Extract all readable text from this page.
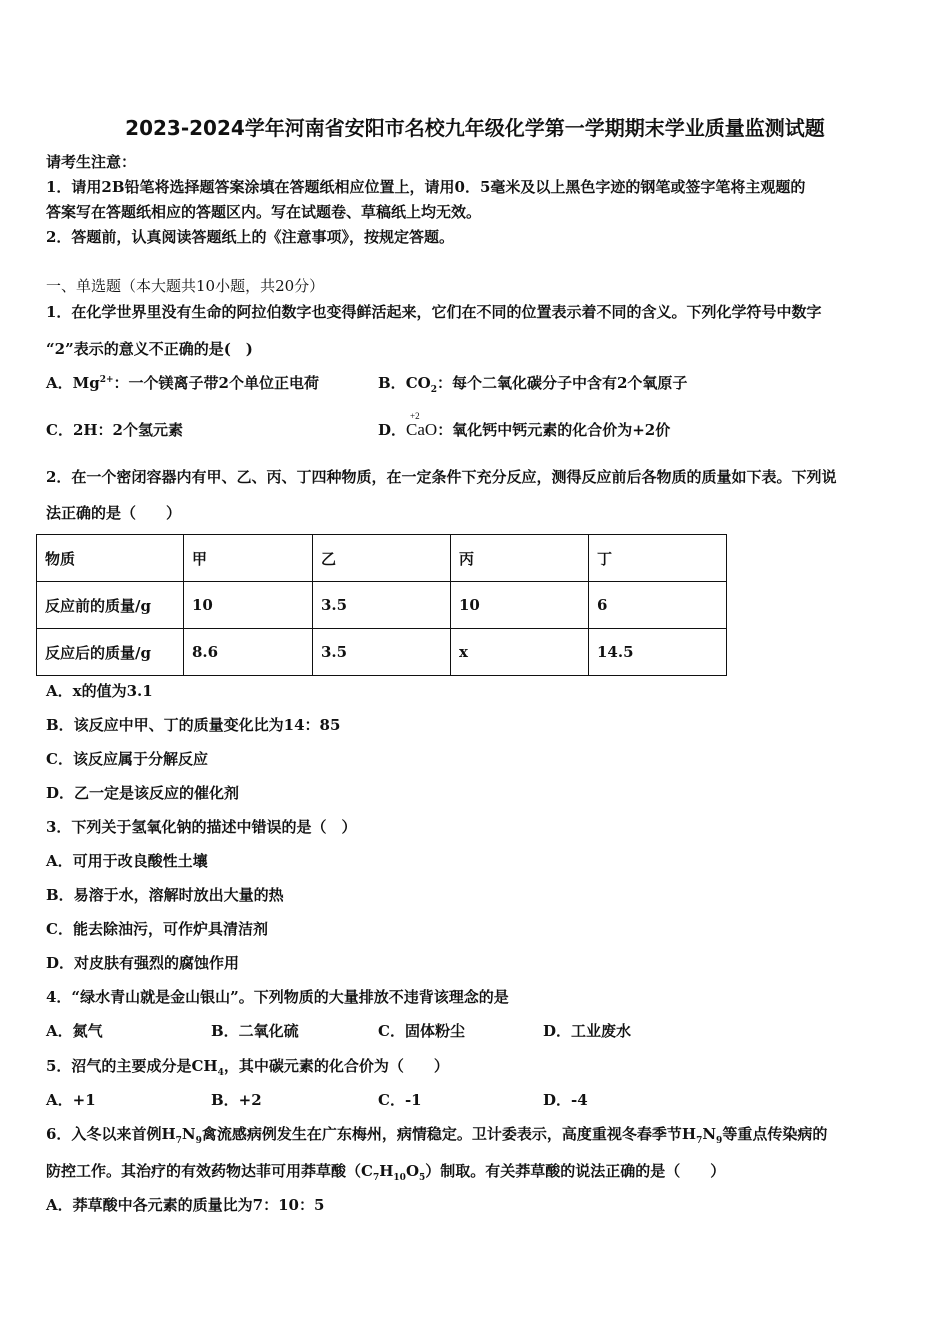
2023-2024学年河南省安阳市名校九年级化学第一学期期末学业质量监测试题
请考生注意：
1．请用2B铅笔将选择题答案涂填在答题纸相应位置上，请用0．5毫米及以上黑色字迹的钢笔或签字笔将主观题的
答案写在答题纸相应的答题区内。写在试题卷、草稿纸上均无效。
2．答题前，认真阅读答题纸上的《注意事项》，按规定答题。
一、单选题（本大题共10小题，共20分）
1．在化学世界里没有生命的阿拉伯数字也变得鲜活起来，它们在不同的位置表示着不同的含义。下列化学符号中数字
“2”表示的意义不正确的是(　)
A．$Mg^{2+}$：一个镁离子带2个单位正电荷	B．$CO_2$：每个二氧化碳分子中含有2个氧原子
C．2H：2个氢元素	D．
+2
CaO：氧化钙中钙元素的化合价为+2价
2．在一个密闭容器内有甲、乙、丙、丁四种物质，在一定条件下充分反应，测得反应前后各物质的质量如下表。下列说
法正确的是（　　）
物质	甲	乙	丙	丁
反应前的质量/g	10	3.5	10	6
反应后的质量/g	8.6	3.5	x	14.5
A．x的值为3.1
B．该反应中甲、丁的质量变化比为14：85
C．该反应属于分解反应
D．乙一定是该反应的催化剂
3．下列关于氢氧化钠的描述中错误的是（　）
A．可用于改良酸性土壤
B．易溶于水，溶解时放出大量的热
C．能去除油污，可作炉具清洁剂
D．对皮肤有强烈的腐蚀作用
4．“绿水青山就是金山银山”。下列物质的大量排放不违背该理念的是
A．氮气	B．二氧化硫	C．固体粉尘	D．工业废水
5．沼气的主要成分是$CH_4$，其中碳元素的化合价为（　　）
A．+1	B．+2	C．-1	D．-4
6．入冬以来首例$H_7N_9$禽流感病例发生在广东梅州，病情稳定。卫计委表示，高度重视冬春季节$H_7N_9$等重点传染病的
防控工作。其治疗的有效药物达菲可用莽草酸$(C_7H_{10}O_5)$制取。有关莽草酸的说法正确的是（　　）
A．莽草酸中各元素的质量比为7：10：5
